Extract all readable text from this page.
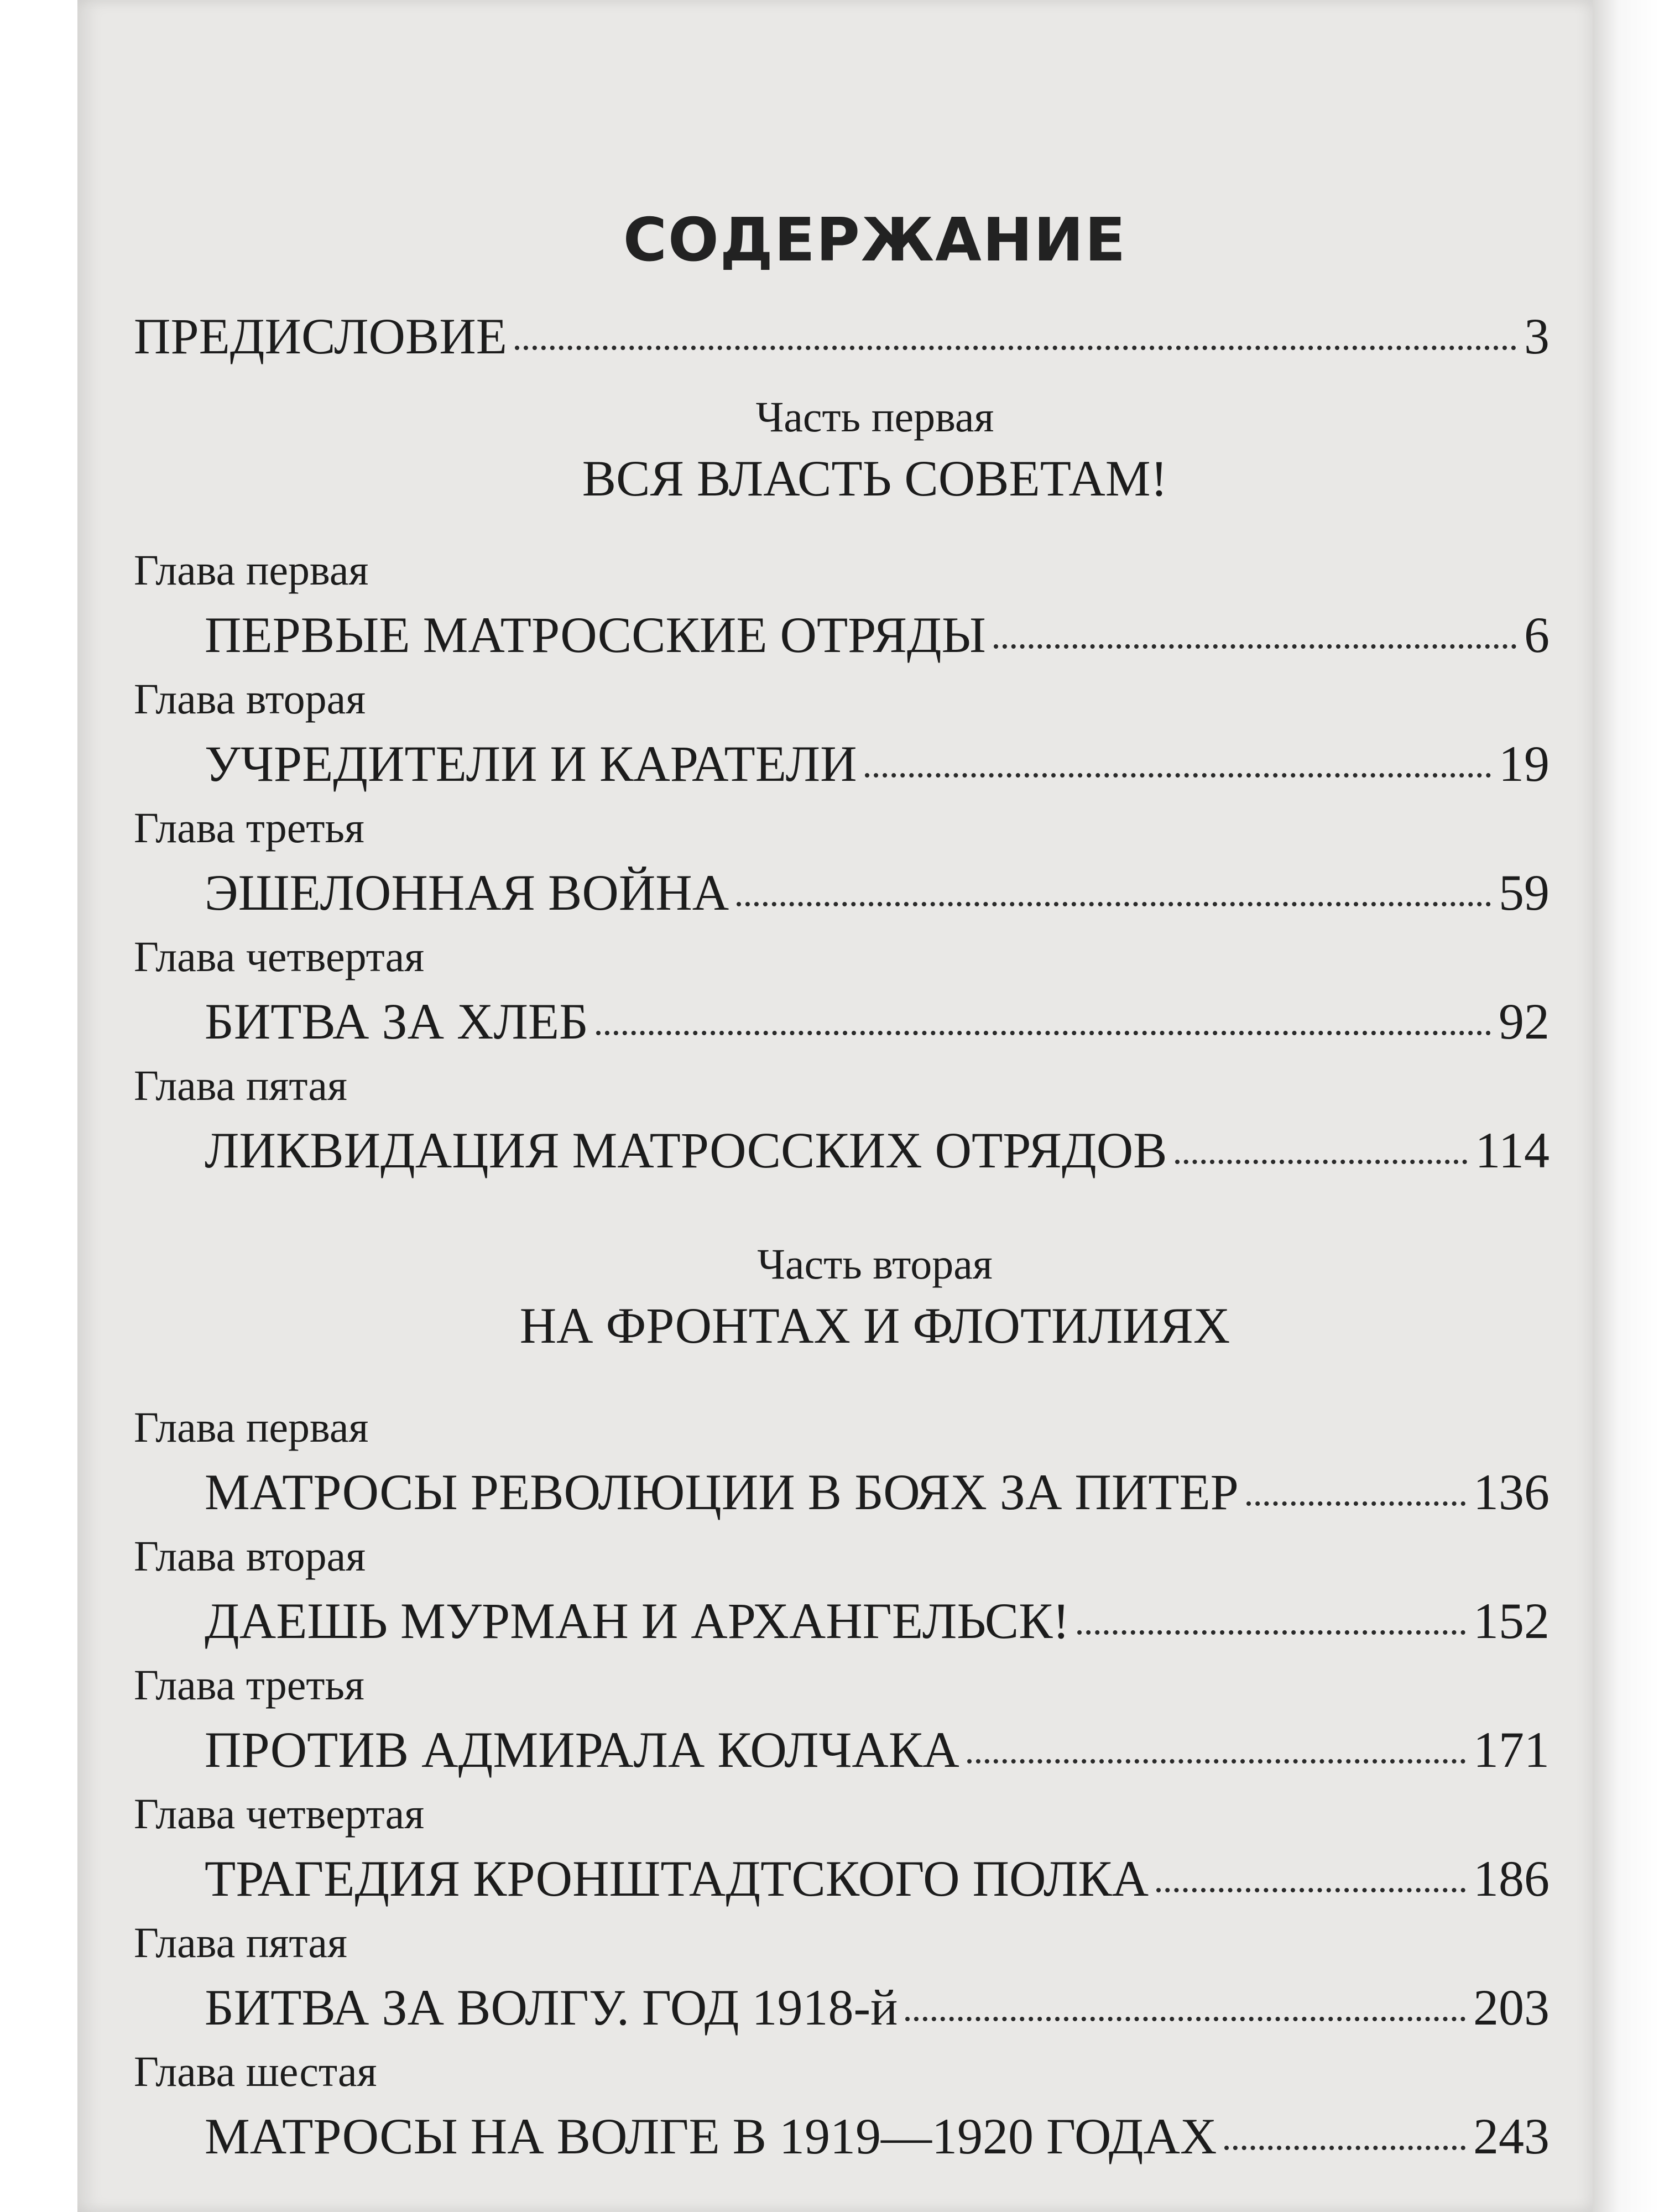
СОДЕРЖАНИЕ
ПРЕДИСЛОВИЕ	3
Часть первая
ВСЯ ВЛАСТЬ СОВЕТАМ!
Глава первая
ПЕРВЫЕ МАТРОССКИЕ ОТРЯДЫ	6
Глава вторая
УЧРЕДИТЕЛИ И КАРАТЕЛИ	19
Глава третья
ЭШЕЛОННАЯ ВОЙНА	59
Глава четвертая
БИТВА ЗА ХЛЕБ	92
Глава пятая
ЛИКВИДАЦИЯ МАТРОССКИХ ОТРЯДОВ	114
Часть вторая
НА ФРОНТАХ И ФЛОТИЛИЯХ
Глава первая
МАТРОСЫ РЕВОЛЮЦИИ В БОЯХ ЗА ПИТЕР	136
Глава вторая
ДАЕШЬ МУРМАН И АРХАНГЕЛЬСК!	152
Глава третья
ПРОТИВ АДМИРАЛА КОЛЧАКА	171
Глава четвертая
ТРАГЕДИЯ КРОНШТАДТСКОГО ПОЛКА	186
Глава пятая
БИТВА ЗА ВОЛГУ. ГОД 1918-й	203
Глава шестая
МАТРОСЫ НА ВОЛГЕ В 1919—1920 ГОДАХ	243
